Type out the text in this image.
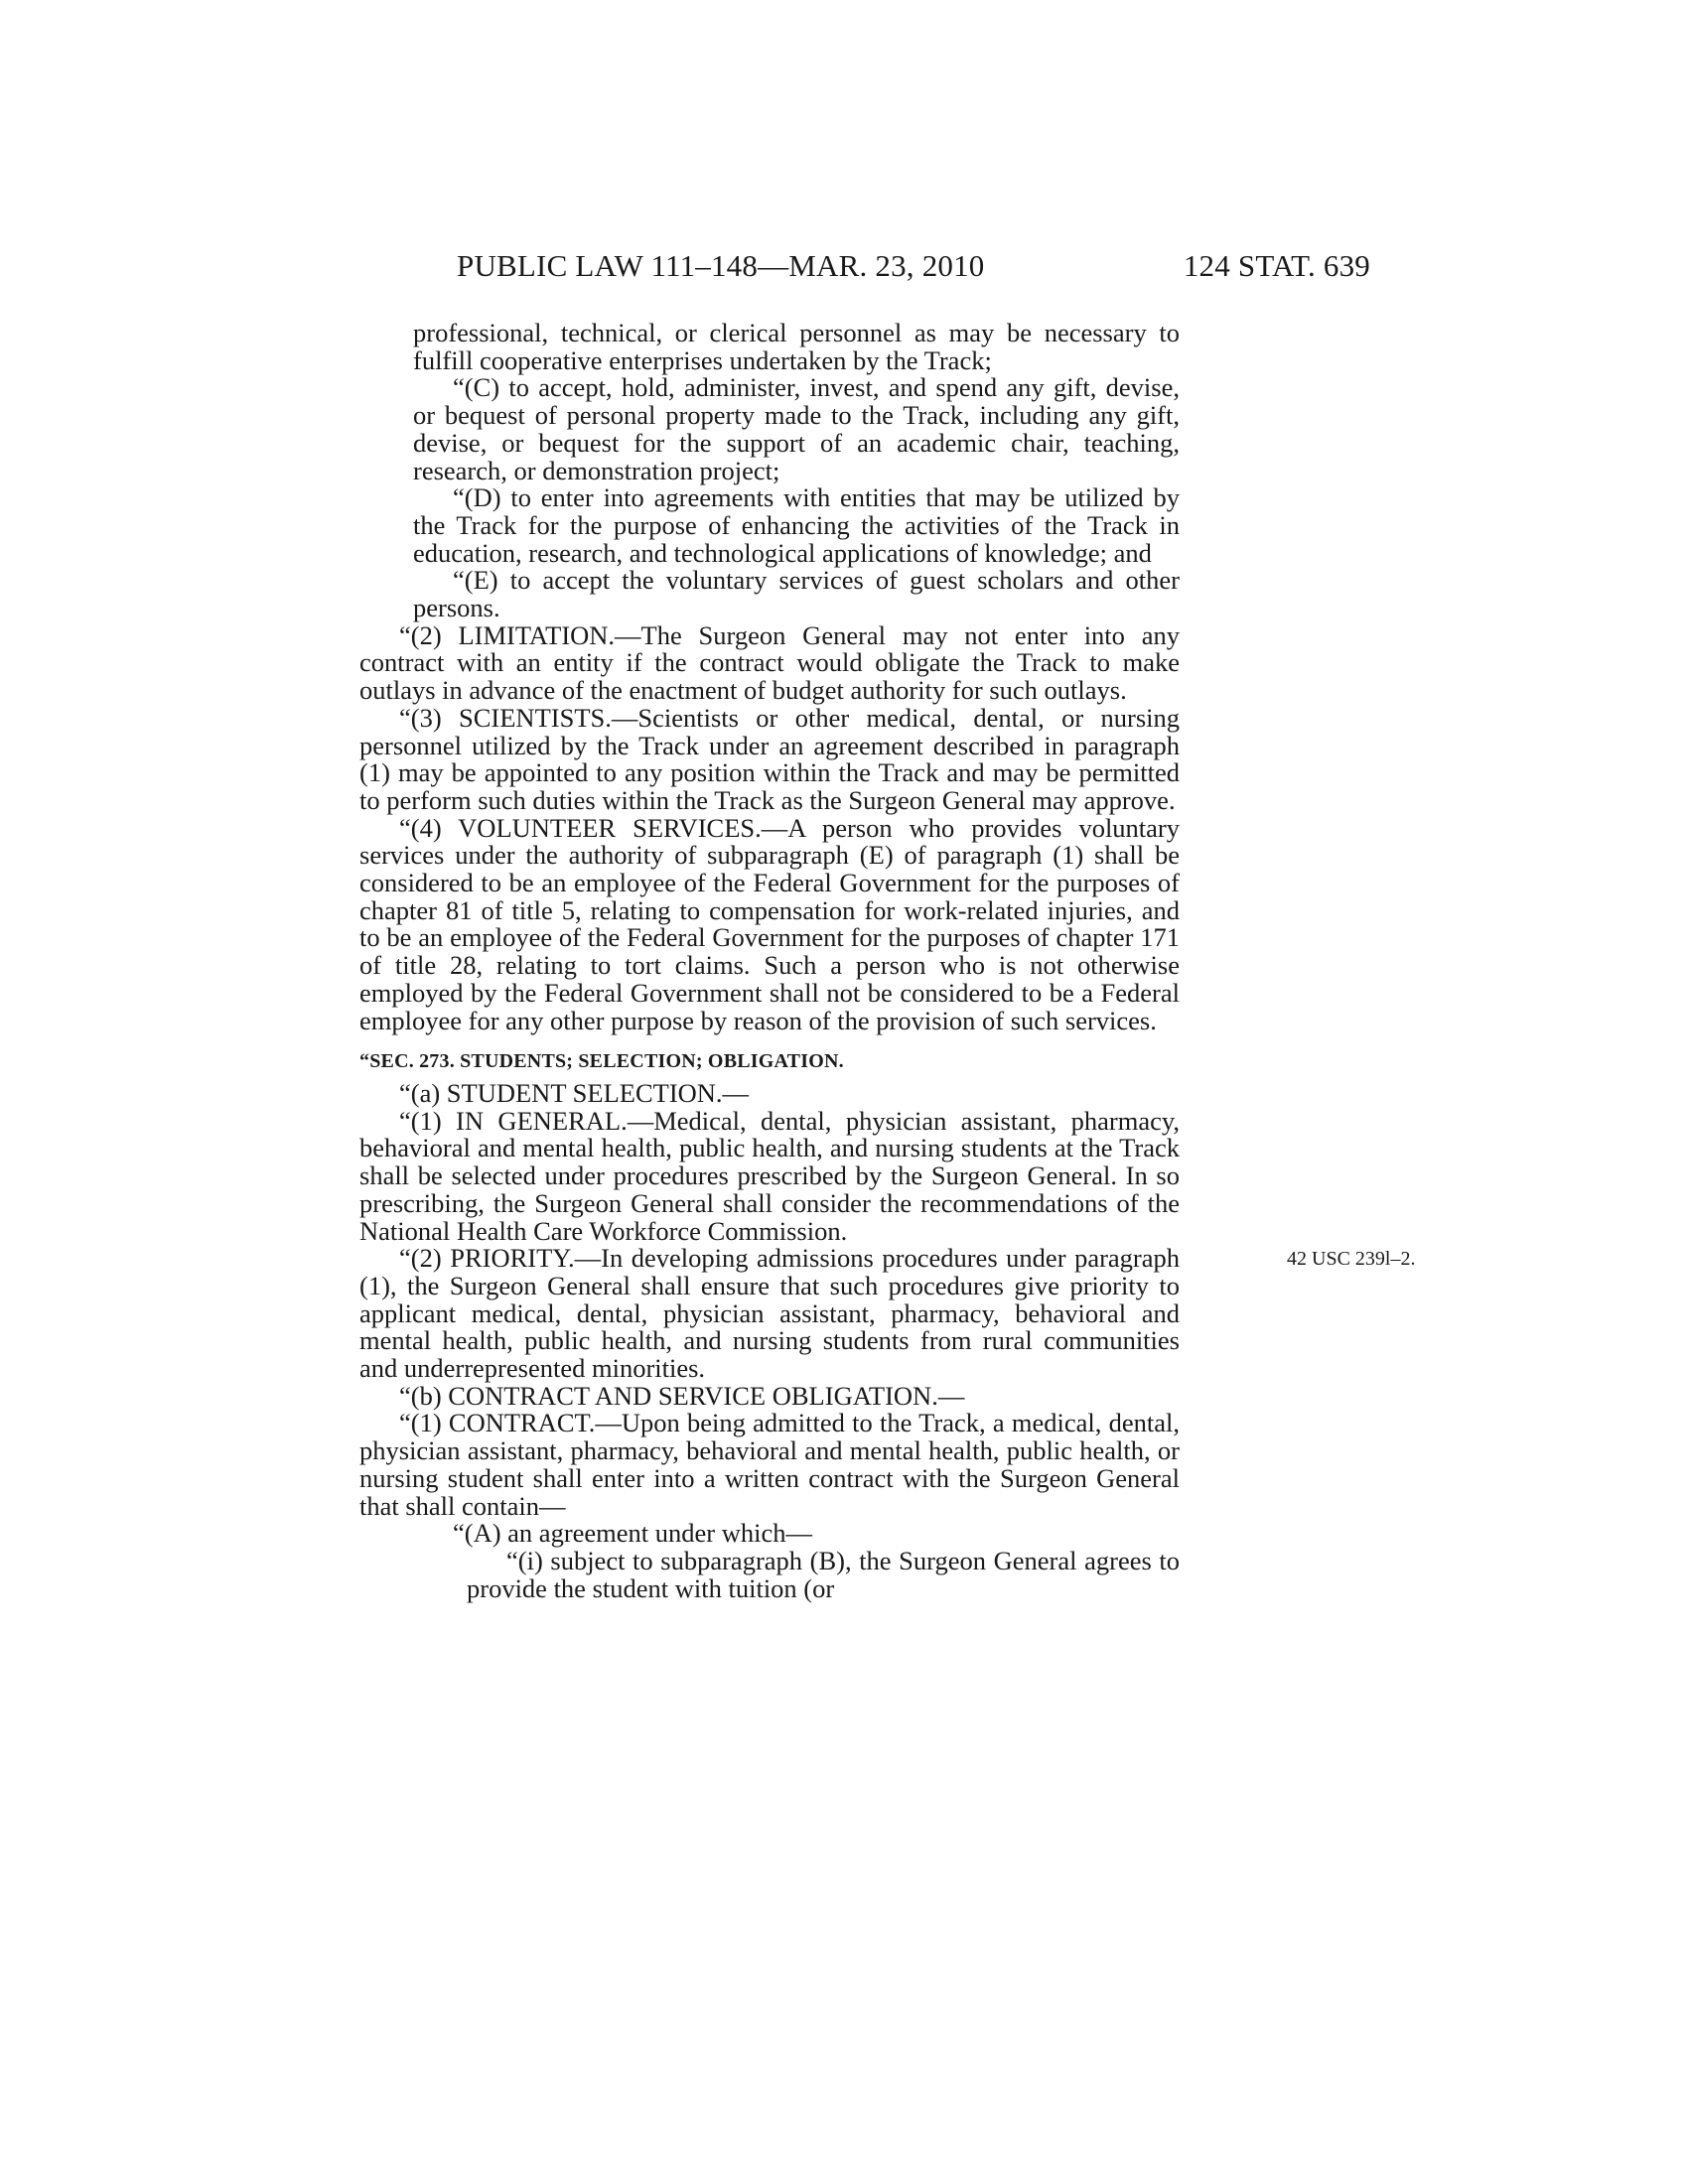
PUBLIC LAW 111–148—MAR. 23, 2010	124 STAT. 639
42 USC 239l–2.

professional, technical, or clerical personnel as may be necessary to fulfill cooperative enterprises undertaken by the Track;

“(C) to accept, hold, administer, invest, and spend any gift, devise, or bequest of personal property made to the Track, including any gift, devise, or bequest for the support of an academic chair, teaching, research, or demonstration project;

“(D) to enter into agreements with entities that may be utilized by the Track for the purpose of enhancing the activities of the Track in education, research, and technological applications of knowledge; and

“(E) to accept the voluntary services of guest scholars and other persons.

“(2) LIMITATION.—The Surgeon General may not enter into any contract with an entity if the contract would obligate the Track to make outlays in advance of the enactment of budget authority for such outlays.

“(3) SCIENTISTS.—Scientists or other medical, dental, or nursing personnel utilized by the Track under an agreement described in paragraph (1) may be appointed to any position within the Track and may be permitted to perform such duties within the Track as the Surgeon General may approve.

“(4) VOLUNTEER SERVICES.—A person who provides voluntary services under the authority of subparagraph (E) of paragraph (1) shall be considered to be an employee of the Federal Government for the purposes of chapter 81 of title 5, relating to compensation for work-related injuries, and to be an employee of the Federal Government for the purposes of chapter 171 of title 28, relating to tort claims. Such a person who is not otherwise employed by the Federal Government shall not be considered to be a Federal employee for any other purpose by reason of the provision of such services.

“SEC. 273. STUDENTS; SELECTION; OBLIGATION.

“(a) STUDENT SELECTION.—

“(1) IN GENERAL.—Medical, dental, physician assistant, pharmacy, behavioral and mental health, public health, and nursing students at the Track shall be selected under procedures prescribed by the Surgeon General. In so prescribing, the Surgeon General shall consider the recommendations of the National Health Care Workforce Commission.

“(2) PRIORITY.—In developing admissions procedures under paragraph (1), the Surgeon General shall ensure that such procedures give priority to applicant medical, dental, physician assistant, pharmacy, behavioral and mental health, public health, and nursing students from rural communities and underrepresented minorities.

“(b) CONTRACT AND SERVICE OBLIGATION.—

“(1) CONTRACT.—Upon being admitted to the Track, a medical, dental, physician assistant, pharmacy, behavioral and mental health, public health, or nursing student shall enter into a written contract with the Surgeon General that shall contain—

“(A) an agreement under which—

“(i) subject to subparagraph (B), the Surgeon General agrees to provide the student with tuition (or
